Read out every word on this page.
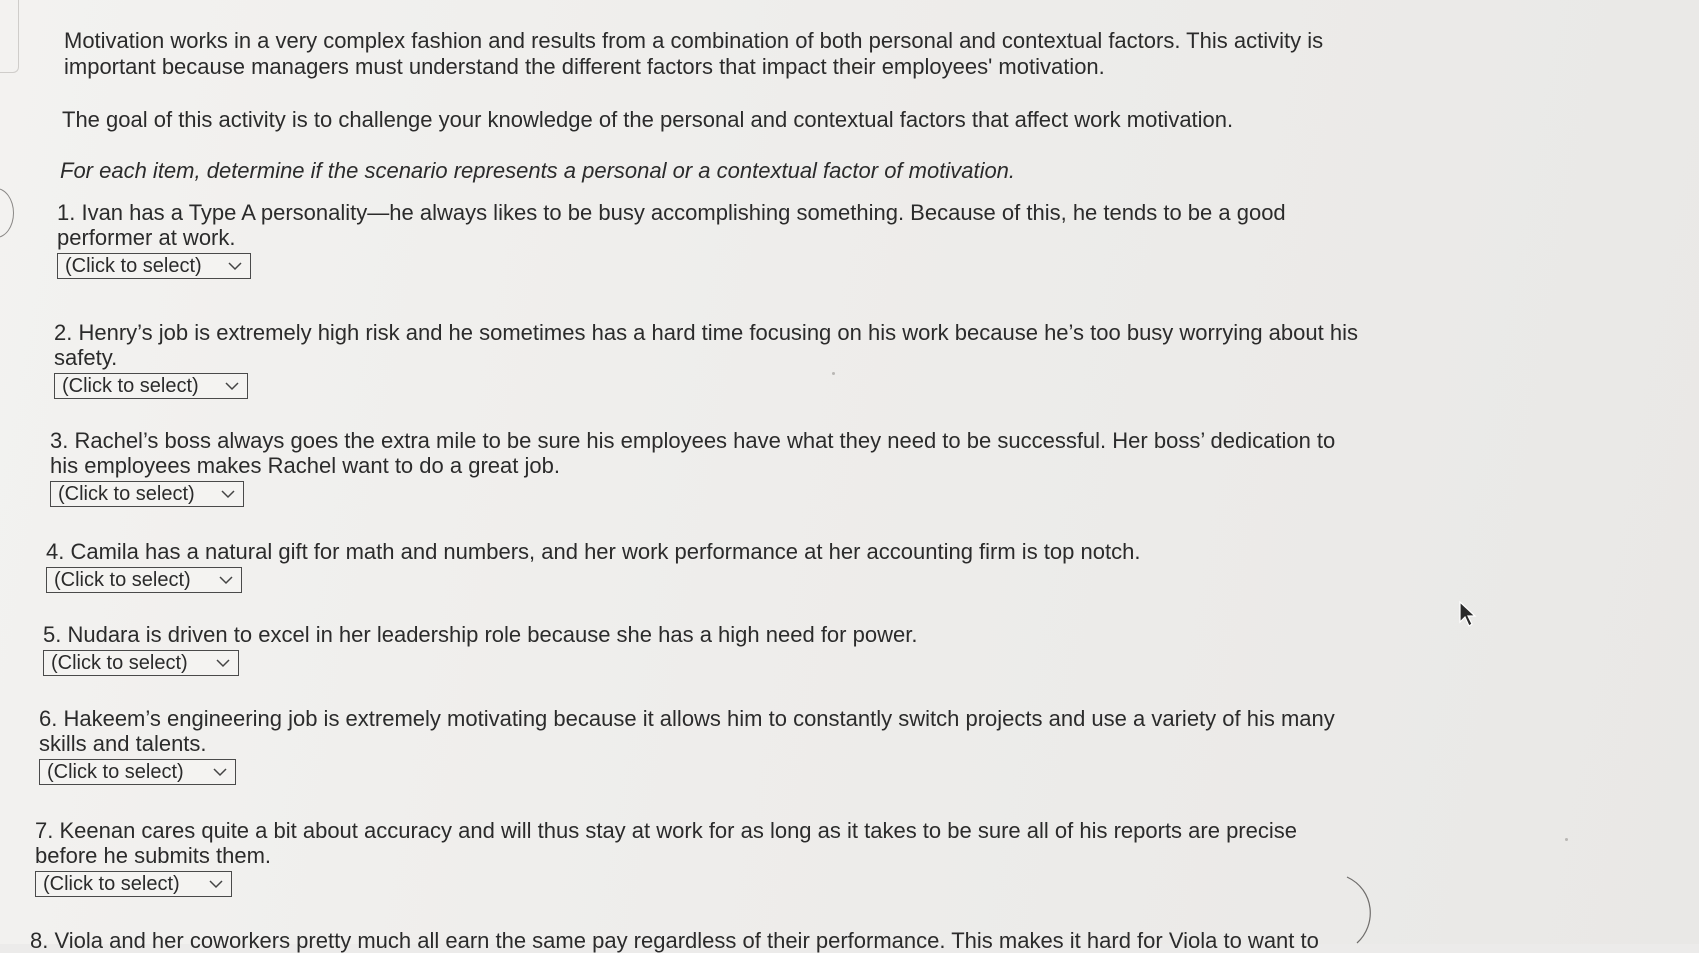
Motivation works in a very complex fashion and results from a combination of both personal and contextual factors. This activity is
important because managers must understand the different factors that impact their employees' motivation.
The goal of this activity is to challenge your knowledge of the personal and contextual factors that affect work motivation.
For each item, determine if the scenario represents a personal or a contextual factor of motivation.

1. Ivan has a Type A personality—he always likes to be busy accomplishing something. Because of this, he tends to be a good
performer at work.

(Click to select)

2. Henry’s job is extremely high risk and he sometimes has a hard time focusing on his work because he’s too busy worrying about his
safety.

(Click to select)

3. Rachel’s boss always goes the extra mile to be sure his employees have what they need to be successful. Her boss’ dedication to
his employees makes Rachel want to do a great job.

(Click to select)

4. Camila has a natural gift for math and numbers, and her work performance at her accounting firm is top notch.

(Click to select)

5. Nudara is driven to excel in her leadership role because she has a high need for power.

(Click to select)

6. Hakeem’s engineering job is extremely motivating because it allows him to constantly switch projects and use a variety of his many
skills and talents.

(Click to select)

7. Keenan cares quite a bit about accuracy and will thus stay at work for as long as it takes to be sure all of his reports are precise
before he submits them.

(Click to select)
8. Viola and her coworkers pretty much all earn the same pay regardless of their performance. This makes it hard for Viola to want to
